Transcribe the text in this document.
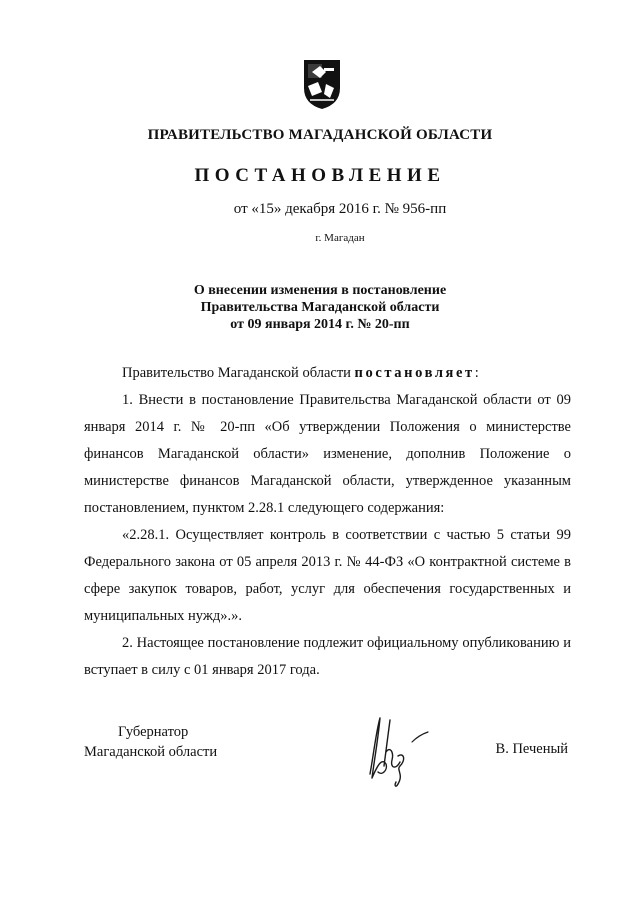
ПРАВИТЕЛЬСТВО МАГАДАНСКОЙ ОБЛАСТИ
ПОСТАНОВЛЕНИЕ
от «15» декабря 2016 г. № 956-пп
г. Магадан
О внесении изменения в постановление
Правительства Магаданской области
от 09 января 2014 г. № 20-пп

Правительство Магаданской области постановляет:

1. Внести в постановление Правительства Магаданской области от 09 января 2014 г. № 20-пп «Об утверждении Положения о министерстве финансов Магаданской области» изменение, дополнив Положение о министерстве финансов Магаданской области, утвержденное указанным постановлением, пунктом 2.28.1 следующего содержания:

«2.28.1. Осуществляет контроль в соответствии с частью 5 статьи 99 Федерального закона от 05 апреля 2013 г. № 44-ФЗ «О контрактной системе в сфере закупок товаров, работ, услуг для обеспечения государственных и муниципальных нужд».».

2. Настоящее постановление подлежит официальному опубликованию и вступает в силу с 01 января 2017 года.

Губернатор
Магаданской области	В. Печеный
